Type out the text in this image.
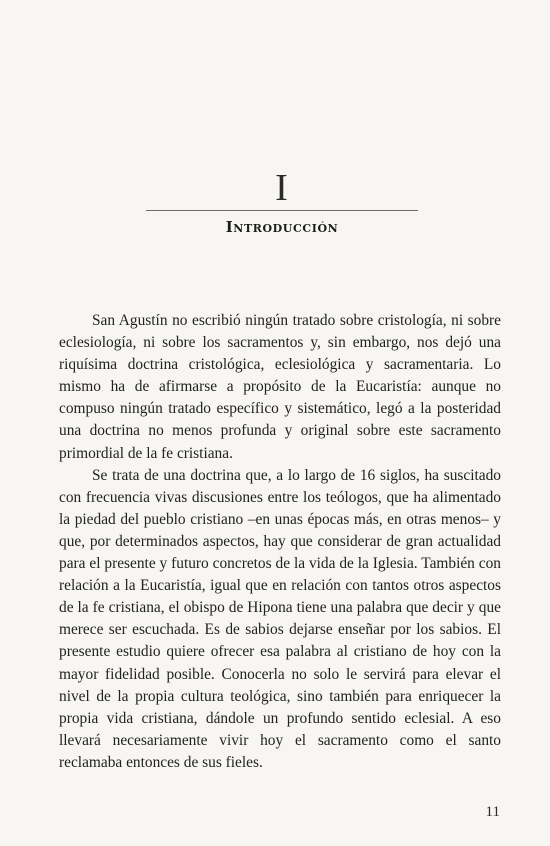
I
Introducción

San Agustín no escribió ningún tratado sobre cristología, ni sobre eclesiología, ni sobre los sacramentos y, sin embargo, nos dejó una riquísima doctrina cristológica, eclesiológica y sacramentaria. Lo mismo ha de afirmarse a propósito de la Eucaristía: aunque no compuso ningún tratado específico y sistemático, legó a la posteridad una doctrina no menos profunda y original sobre este sacramento primordial de la fe cristiana.

Se trata de una doctrina que, a lo largo de 16 siglos, ha suscitado con frecuencia vivas discusiones entre los teólogos, que ha alimentado la piedad del pueblo cristiano –en unas épocas más, en otras menos– y que, por determinados aspectos, hay que considerar de gran actualidad para el presente y futuro concretos de la vida de la Iglesia. También con relación a la Eucaristía, igual que en relación con tantos otros aspectos de la fe cristiana, el obispo de Hipona tiene una palabra que decir y que merece ser escuchada. Es de sabios dejarse enseñar por los sabios. El presente estudio quiere ofrecer esa palabra al cristiano de hoy con la mayor fidelidad posible. Conocerla no solo le servirá para elevar el nivel de la propia cultura teológica, sino también para enriquecer la propia vida cristiana, dándole un profundo sentido eclesial. A eso llevará necesariamente vivir hoy el sacramento como el santo reclamaba entonces de sus fieles.

11
